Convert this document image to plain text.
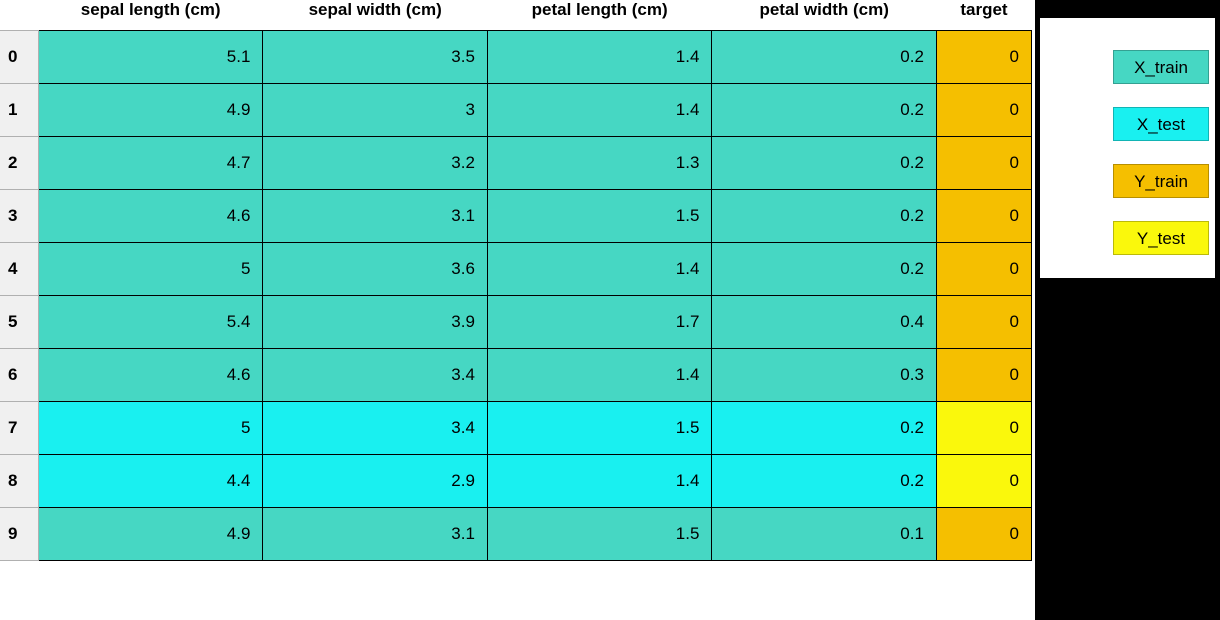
	sepal length (cm)	sepal width (cm)	petal length (cm)	petal width (cm)	target
0	5.1	3.5	1.4	0.2	0
1	4.9	3	1.4	0.2	0
2	4.7	3.2	1.3	0.2	0
3	4.6	3.1	1.5	0.2	0
4	5	3.6	1.4	0.2	0
5	5.4	3.9	1.7	0.4	0
6	4.6	3.4	1.4	0.3	0
7	5	3.4	1.5	0.2	0
8	4.4	2.9	1.4	0.2	0
9	4.9	3.1	1.5	0.1	0
X_train
X_test
Y_train
Y_test
